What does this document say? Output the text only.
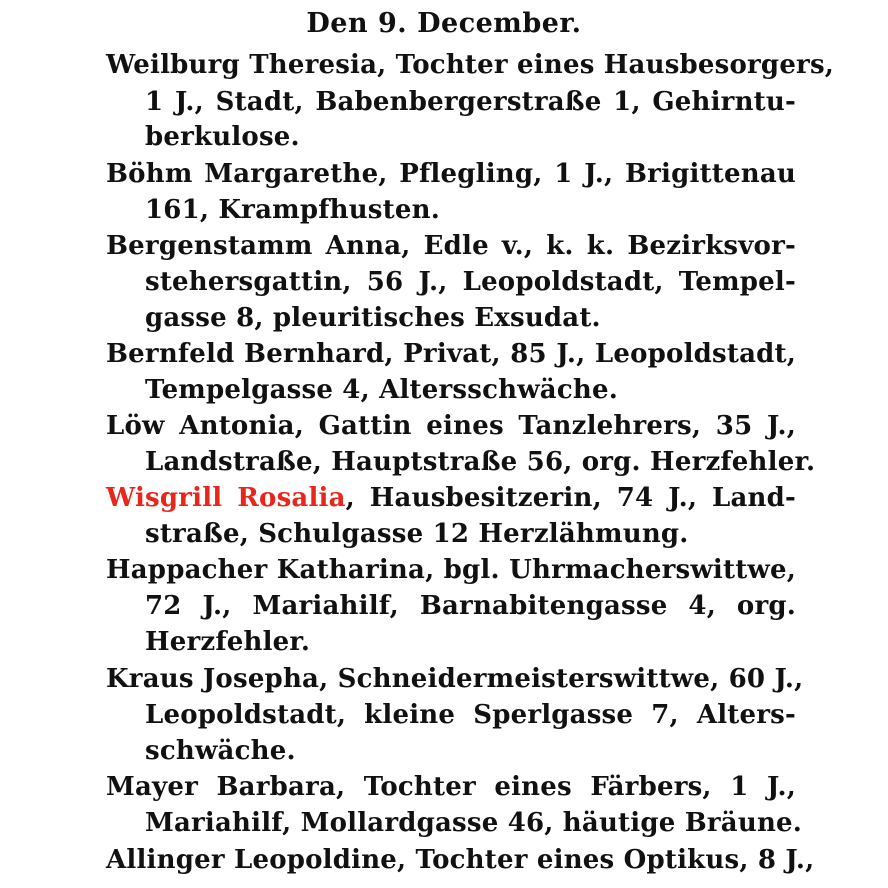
Den 9. December.
Weilburg Theresia, Tochter eines Hausbesorgers,
1 J., Stadt, Babenbergerstraße 1, Gehirntu-
berkulose.
Böhm Margarethe, Pflegling, 1 J., Brigittenau
161, Krampfhusten.
Bergenstamm Anna, Edle v., k. k. Bezirksvor-
stehersgattin, 56 J., Leopoldstadt, Tempel-
gasse 8, pleuritisches Exsudat.
Bernfeld Bernhard, Privat, 85 J., Leopoldstadt,
Tempelgasse 4, Altersschwäche.
Löw Antonia, Gattin eines Tanzlehrers, 35 J.,
Landstraße, Hauptstraße 56, org. Herzfehler.
Wisgrill Rosalia, Hausbesitzerin, 74 J., Land-
straße, Schulgasse 12 Herzlähmung.
Happacher Katharina, bgl. Uhrmacherswittwe,
72 J., Mariahilf, Barnabitengasse 4, org.
Herzfehler.
Kraus Josepha, Schneidermeisterswittwe, 60 J.,
Leopoldstadt, kleine Sperlgasse 7, Alters-
schwäche.
Mayer Barbara, Tochter eines Färbers, 1 J.,
Mariahilf, Mollardgasse 46, häutige Bräune.
Allinger Leopoldine, Tochter eines Optikus, 8 J.,
